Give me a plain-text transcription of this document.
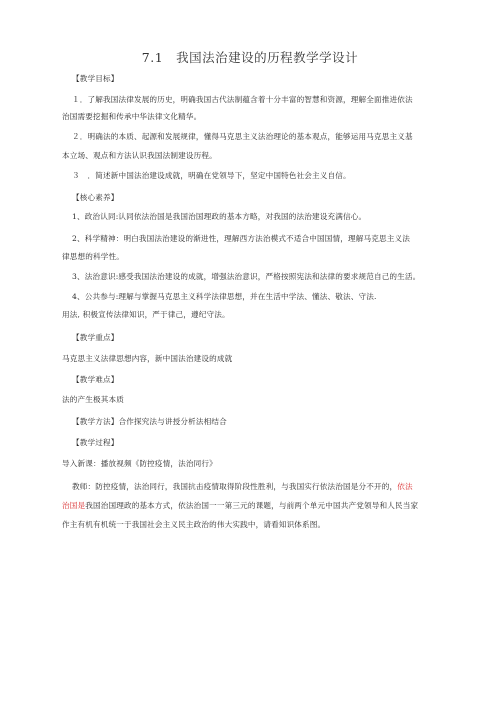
7.1　我国法治建设的历程教学学设计
【教学目标】
１．了解我国法律发展的历史，明确我国古代法制蕴含着十分丰富的智慧和资源，理解全面推进依法
治国需要挖掘和传承中华法律文化精华。
２．明确法的本质、起源和发展规律，懂得马克思主义法治理论的基本观点，能够运用马克思主义基
本立场、观点和方法认识我国法制建设历程。
３　．简述新中国法治建设成就，明确在党领导下，坚定中国特色社会主义自信。
【核心素养】
1、政治认同:认同依法治国是我国治国理政的基本方略，对我国的法治建设充满信心。
2、科学精神：明白我国法治建设的渐进性，理解西方法治模式不适合中国国情，理解马克思主义法
律思想的科学性。
3、法治意识:感受我国法治建设的成就，增强法治意识，严格按照宪法和法律的要求规范自己的生活。
4、公共参与:理解与掌握马克思主义科学法律思想，并在生活中学法、懂法、敬法、守法.
用法, 积极宣传法律知识，严于律己，遵纪守法。
【教学重点】
马克思主义法律思想内容，新中国法治建设的成就
【教学难点】
法的产生极其本质
【教学方法】合作探究法与讲授分析法相结合
【教学过程】
导入新课：播放视频《防控疫情，法治同行》
教师：防控疫情，法治同行，我国抗击疫情取得阶段性胜利，与我国实行依法治国是分不开的，依法
治国是我国治国理政的基本方式，依法治国一一第三元的课题，与前两个单元中国共产党领导和人民当家
作主有机有机统一于我国社会主义民主政治的伟大实践中，请看知识体系图。
